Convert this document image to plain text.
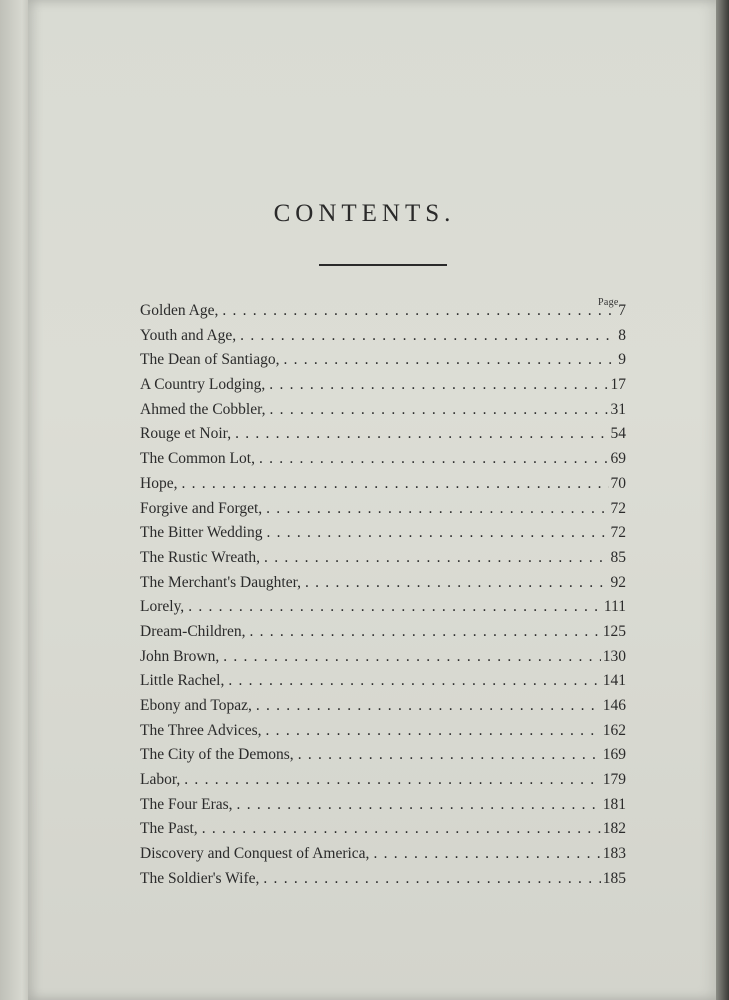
CONTENTS.
Page
Golden Age, . . .	7
Youth and Age, . . .	8
The Dean of Santiago, . . .	9
A Country Lodging, . . .	17
Ahmed the Cobbler, . . .	31
Rouge et Noir, . . .	54
The Common Lot, . . .	69
Hope, . . .	70
Forgive and Forget, . . .	72
The Bitter Wedding . . .	72
The Rustic Wreath, . . .	85
The Merchant's Daughter, . . .	92
Lorely, . . .	111
Dream-Children, . . .	125
John Brown, . . .	130
Little Rachel, . . .	141
Ebony and Topaz, . . .	146
The Three Advices, . . .	162
The City of the Demons, . . .	169
Labor, . . .	179
The Four Eras, . . .	181
The Past, . . .	182
Discovery and Conquest of America, . . .	183
The Soldier's Wife, . . .	185
